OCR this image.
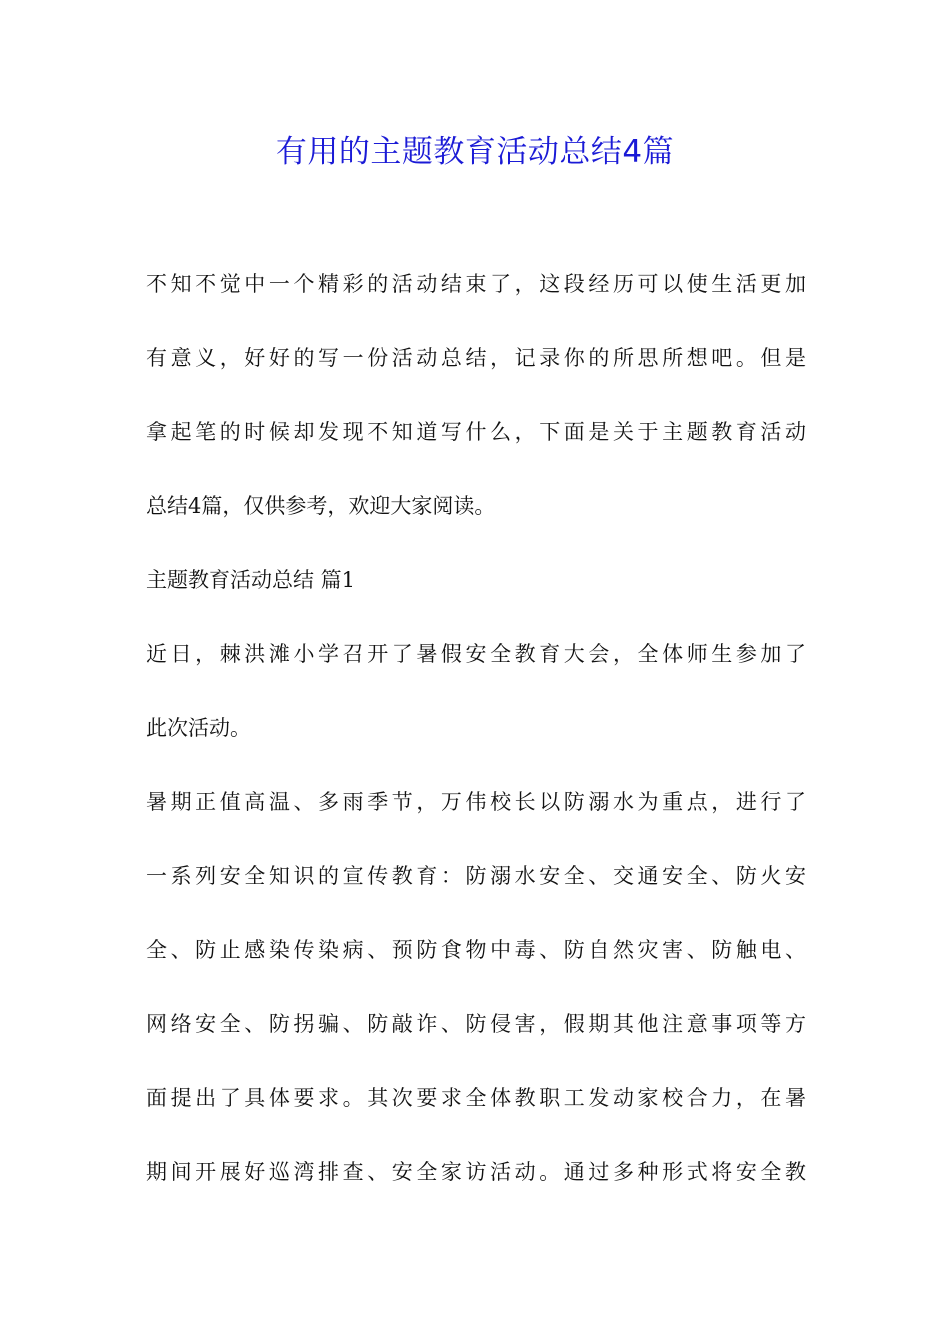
有用的主题教育活动总结4篇
不知不觉中一个精彩的活动结束了，这段经历可以使生活更加
有意义，好好的写一份活动总结，记录你的所思所想吧。但是
拿起笔的时候却发现不知道写什么，下面是关于主题教育活动
总结4篇，仅供参考，欢迎大家阅读。
主题教育活动总结 篇1
近日，棘洪滩小学召开了暑假安全教育大会，全体师生参加了
此次活动。
暑期正值高温、多雨季节，万伟校长以防溺水为重点，进行了
一系列安全知识的宣传教育：防溺水安全、交通安全、防火安
全、防止感染传染病、预防食物中毒、防自然灾害、防触电、
网络安全、防拐骗、防敲诈、防侵害，假期其他注意事项等方
面提出了具体要求。其次要求全体教职工发动家校合力，在暑
期间开展好巡湾排查、安全家访活动。通过多种形式将安全教
